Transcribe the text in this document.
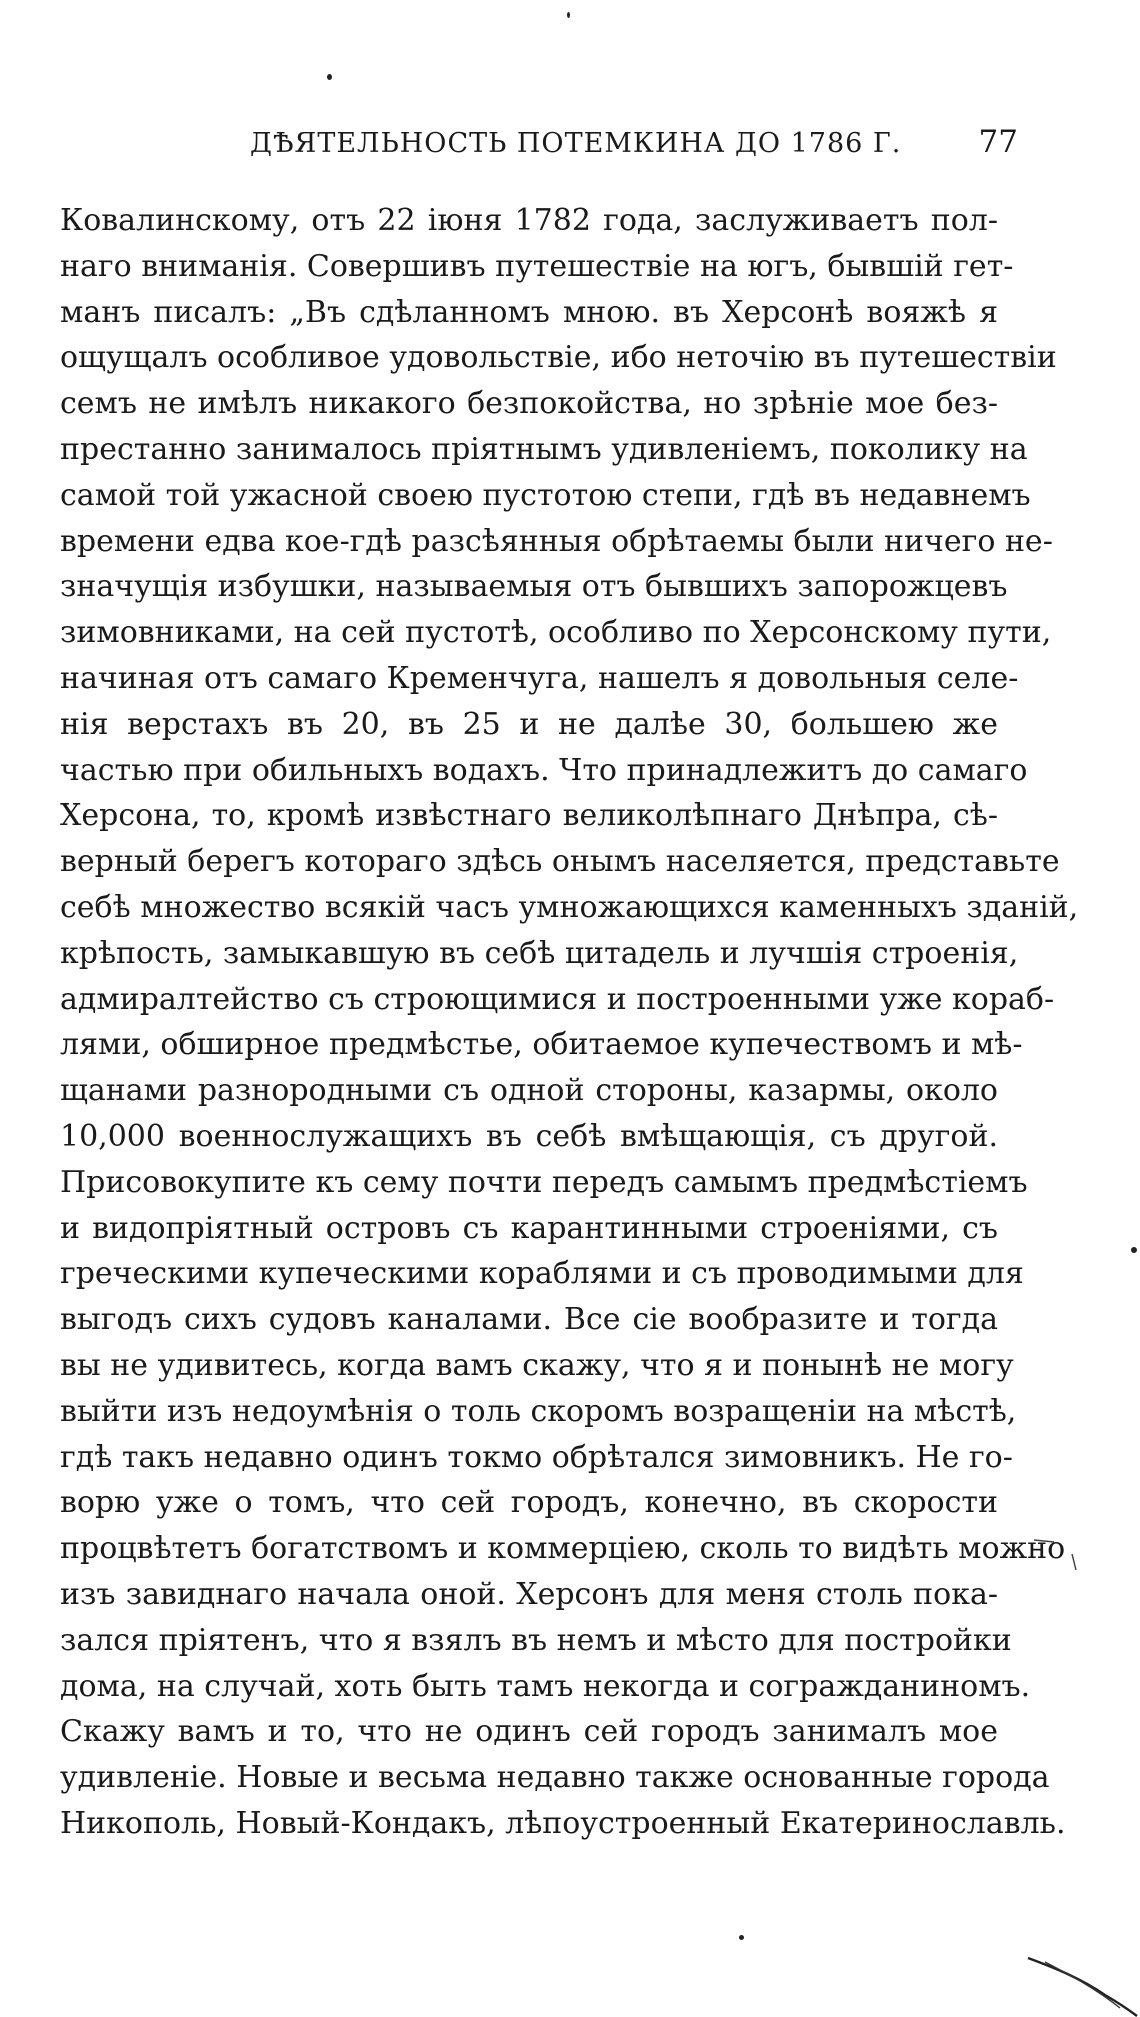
ДѢЯТЕЛЬНОСТЬ ПОТЕМКИНА ДО 1786 Г.	77
Ковалинскому, отъ 22 іюня 1782 года, заслуживаетъ пол-
наго вниманія. Совершивъ путешествіе на югъ, бывшій гет-
манъ писалъ: „Въ сдѣланномъ мною. въ Херсонѣ вояжѣ я
ощущалъ особливое удовольствіе, ибо неточію въ путешествіи
семъ не имѣлъ никакого безпокойства, но зрѣніе мое без-
престанно занималось пріятнымъ удивленіемъ, поколику на
самой той ужасной своею пустотою степи, гдѣ въ недавнемъ
времени едва кое-гдѣ разсѣянныя обрѣтаемы были ничего не-
значущія избушки, называемыя отъ бывшихъ запорожцевъ
зимовниками, на сей пустотѣ, особливо по Херсонскому пути,
начиная отъ самаго Кременчуга, нашелъ я довольныя селе-
нія верстахъ въ 20, въ 25 и не далѣе 30, большею же
частью при обильныхъ водахъ. Что принадлежитъ до самаго
Херсона, то, кромѣ извѣстнаго великолѣпнаго Днѣпра, сѣ-
верный берегъ котораго здѣсь онымъ населяется, представьте
себѣ множество всякій часъ умножающихся каменныхъ зданій,
крѣпость, замыкавшую въ себѣ цитадель и лучшія строенія,
адмиралтейство съ строющимися и построенными уже кораб-
лями, обширное предмѣстье, обитаемое купечествомъ и мѣ-
щанами разнородными съ одной стороны, казармы, около
10,000 военнослужащихъ въ себѣ вмѣщающія, съ другой.
Присовокупите къ сему почти передъ самымъ предмѣстіемъ
и видопріятный островъ съ карантинными строеніями, съ
греческими купеческими кораблями и съ проводимыми для
выгодъ сихъ судовъ каналами. Все сіе вообразите и тогда
вы не удивитесь, когда вамъ скажу, что я и понынѣ не могу
выйти изъ недоумѣнія о толь скоромъ возращеніи на мѣстѣ,
гдѣ такъ недавно одинъ токмо обрѣтался зимовникъ. Не го-
ворю уже о томъ, что сей городъ, конечно, въ скорости
процвѣтетъ богатствомъ и коммерціею, сколь то видѣть можно
изъ завиднаго начала оной. Херсонъ для меня столь пока-
зался пріятенъ, что я взялъ въ немъ и мѣсто для постройки
дома, на случай, хоть быть тамъ некогда и согражданиномъ.
Скажу вамъ и то, что не одинъ сей городъ занималъ мое
удивленіе. Новые и весьма недавно также основанные города
Никополь, Новый-Кондакъ, лѣпоустроенный Екатеринославль.
